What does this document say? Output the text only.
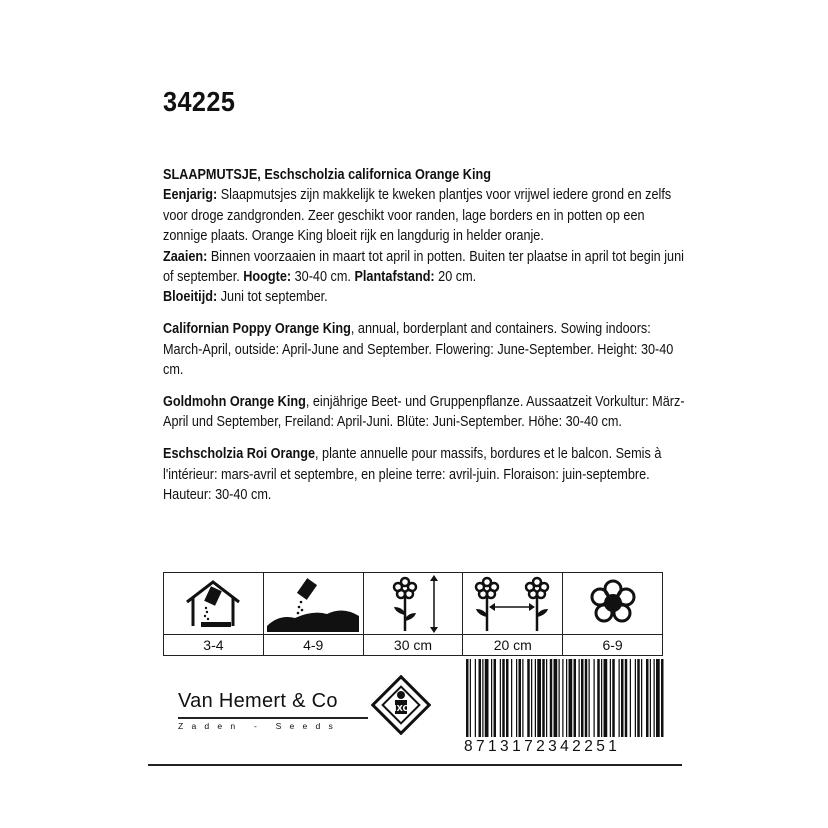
34225

SLAAPMUTSJE, Eschscholzia californica Orange King
Eenjarig: Slaapmutsjes zijn makkelijk te kweken plantjes voor vrijwel iedere grond en zelfs voor droge zandgronden. Zeer geschikt voor randen, lage borders en in potten op een zonnige plaats. Orange King bloeit rijk en langdurig in helder oranje.
Zaaien: Binnen voorzaaien in maart tot april in potten. Buiten ter plaatse in april tot begin juni of september. Hoogte: 30-40 cm. Plantafstand: 20 cm.
Bloeitijd: Juni tot september.

Californian Poppy Orange King, annual, borderplant and containers. Sowing indoors: March-April, outside: April-June and September. Flowering: June-September. Height: 30-40 cm.

Goldmohn Orange King, einjährige Beet- und Gruppenpflanze. Aussaatzeit Vorkultur: März-April und September, Freiland: April-Juni. Blüte: Juni-September. Höhe: 30-40 cm.

Eschscholzia Roi Orange, plante annuelle pour massifs, bordures et le balcon. Semis à l'intérieur: mars-avril et septembre, en pleine terre: avril-juin. Floraison: juin-septembre. Hauteur: 30-40 cm.

3-4	4-9	30 cm	20 cm	6-9
Van Hemert & Co
Zaden - Seeds
IXC
8713172342251
